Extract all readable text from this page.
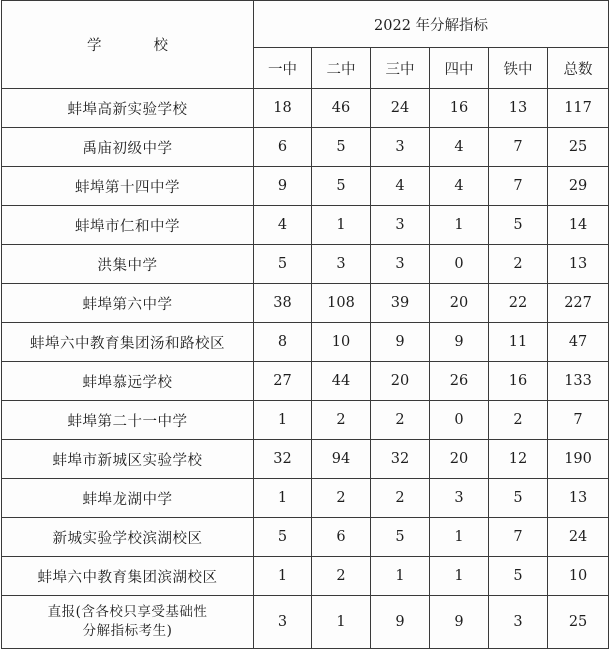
学 校	2022 年分解指标					
	一中	二中	三中	四中	铁中	总数
蚌埠高新实验学校	18	46	24	16	13	117
禹庙初级中学	6	5	3	4	7	25
蚌埠第十四中学	9	5	4	4	7	29
蚌埠市仁和中学	4	1	3	1	5	14
洪集中学	5	3	3	0	2	13
蚌埠第六中学	38	108	39	20	22	227
蚌埠六中教育集团汤和路校区	8	10	9	9	11	47
蚌埠慕远学校	27	44	20	26	16	133
蚌埠第二十一中学	1	2	2	0	2	7
蚌埠市新城区实验学校	32	94	32	20	12	190
蚌埠龙湖中学	1	2	2	3	5	13
新城实验学校滨湖校区	5	6	5	1	7	24
蚌埠六中教育集团滨湖校区	1	2	1	1	5	10
直报(含各校只享受基础性
分解指标考生)	3	1	9	9	3	25
